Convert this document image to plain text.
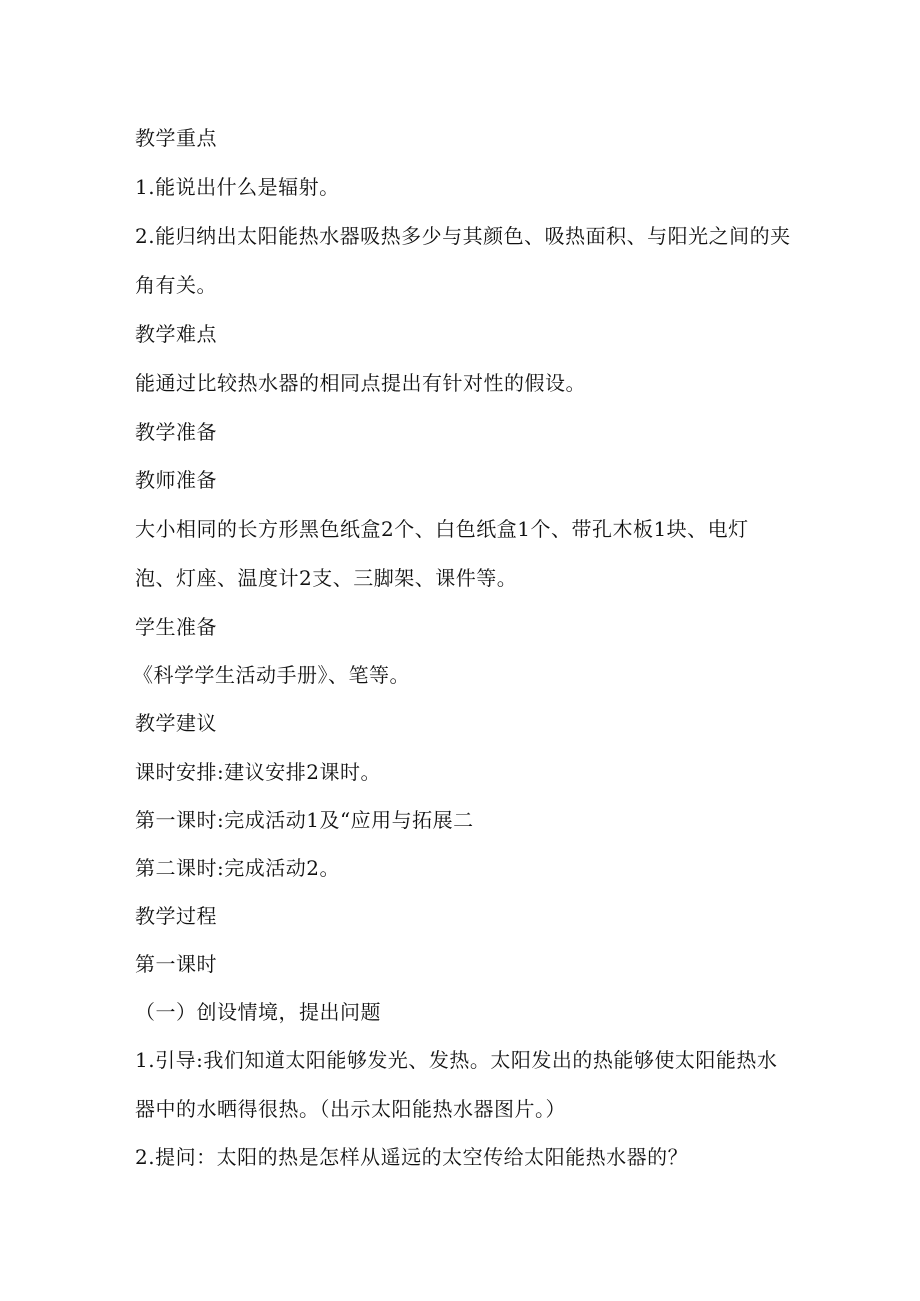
教学重点
1.能说出什么是辐射。
2.能归纳出太阳能热水器吸热多少与其颜色、吸热面积、与阳光之间的夹
角有关。
教学难点
能通过比较热水器的相同点提出有针对性的假设。
教学准备
教师准备
大小相同的长方形黑色纸盒2个、白色纸盒1个、带孔木板1块、电灯
泡、灯座、温度计2支、三脚架、课件等。
学生准备
《科学学生活动手册》、笔等。
教学建议
课时安排:建议安排2课时。
第一课时:完成活动1及“应用与拓展二
第二课时:完成活动2。
教学过程
第一课时
（一）创设情境，提出问题
1.引导:我们知道太阳能够发光、发热。太阳发出的热能够使太阳能热水
器中的水晒得很热。（出示太阳能热水器图片。）
2.提问：太阳的热是怎样从遥远的太空传给太阳能热水器的？
